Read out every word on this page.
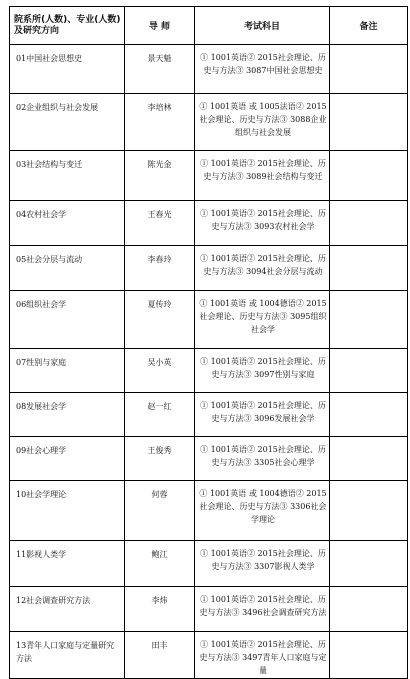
院系所(人数)、专业(人数)及研究方向	导 师	考试科目	备注
01中国社会思想史	景天魁	① 1001英语② 2015社会理论、历史与方法③ 3087中国社会思想史	
02企业组织与社会发展	李培林	① 1001英语 或 1005法语② 2015社会理论、历史与方法③ 3088企业组织与社会发展	
03社会结构与变迁	陈光金	① 1001英语② 2015社会理论、历史与方法③ 3089社会结构与变迁	
04农村社会学	王春光	① 1001英语② 2015社会理论、历史与方法③ 3093农村社会学	
05社会分层与流动	李春玲	① 1001英语② 2015社会理论、历史与方法③ 3094社会分层与流动	
06组织社会学	夏传玲	① 1001英语 或 1004德语② 2015社会理论、历史与方法③ 3095组织社会学	
07性别与家庭	吴小英	① 1001英语② 2015社会理论、历史与方法③ 3097性别与家庭	
08发展社会学	赵一红	① 1001英语② 2015社会理论、历史与方法③ 3096发展社会学	
09社会心理学	王俊秀	① 1001英语② 2015社会理论、历史与方法③ 3305社会心理学	
10社会学理论	何蓉	① 1001英语 或 1004德语② 2015社会理论、历史与方法③ 3306社会学理论	
11影视人类学	鲍江	① 1001英语② 2015社会理论、历史与方法③ 3307影视人类学	
12社会调查研究方法	李炜	① 1001英语② 2015社会理论、历史与方法③ 3496社会调查研究方法	
13青年人口家庭与定量研究方法	田丰	① 1001英语② 2015社会理论、历史与方法③ 3497青年人口家庭与定量	
